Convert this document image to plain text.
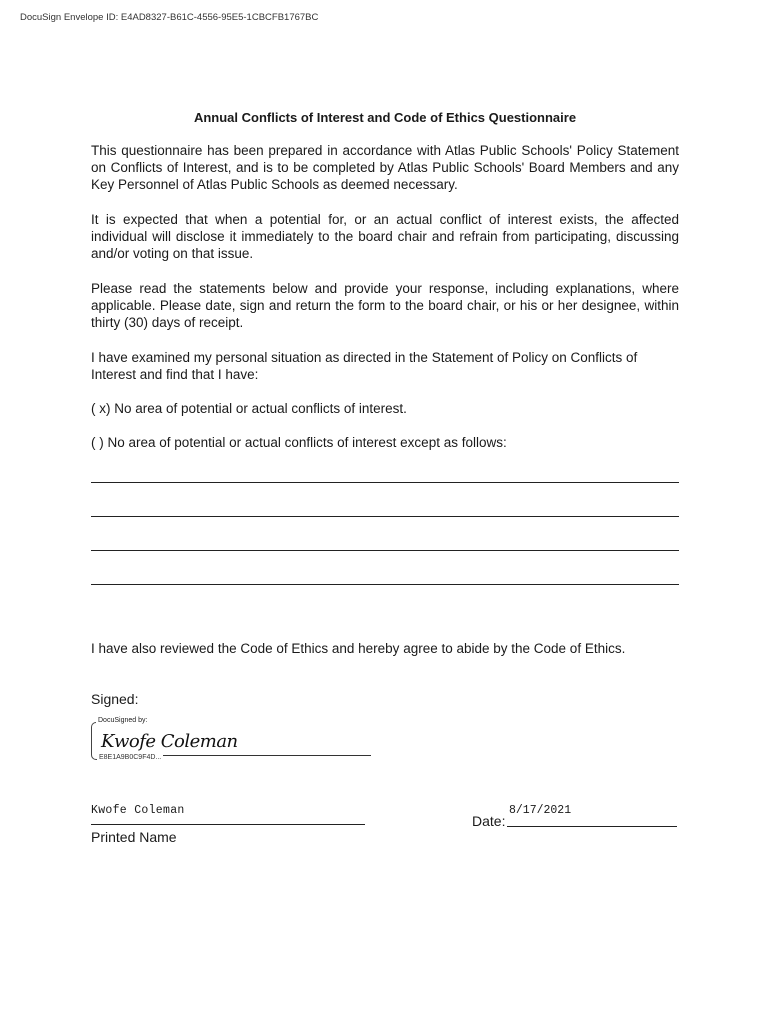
DocuSign Envelope ID: E4AD8327-B61C-4556-95E5-1CBCFB1767BC
Annual Conflicts of Interest and Code of Ethics Questionnaire
This questionnaire has been prepared in accordance with Atlas Public Schools' Policy Statement on Conflicts of Interest, and is to be completed by Atlas Public Schools' Board Members and any Key Personnel of Atlas Public Schools as deemed necessary.
It is expected that when a potential for, or an actual conflict of interest exists, the affected individual will disclose it immediately to the board chair and refrain from participating, discussing and/or voting on that issue.
Please read the statements below and provide your response, including explanations, where applicable. Please date, sign and return the form to the board chair, or his or her designee, within thirty (30) days of receipt.
I have examined my personal situation as directed in the Statement of Policy on Conflicts of Interest and find that I have:
( x) No area of potential or actual conflicts of interest.
( ) No area of potential or actual conflicts of interest except as follows:
I have also reviewed the Code of Ethics and hereby agree to abide by the Code of Ethics.
Signed:
DocuSigned by:
Kwofe Coleman
E8E1A9B0C9F4D...
Kwofe Coleman
Printed Name
Date:
8/17/2021
